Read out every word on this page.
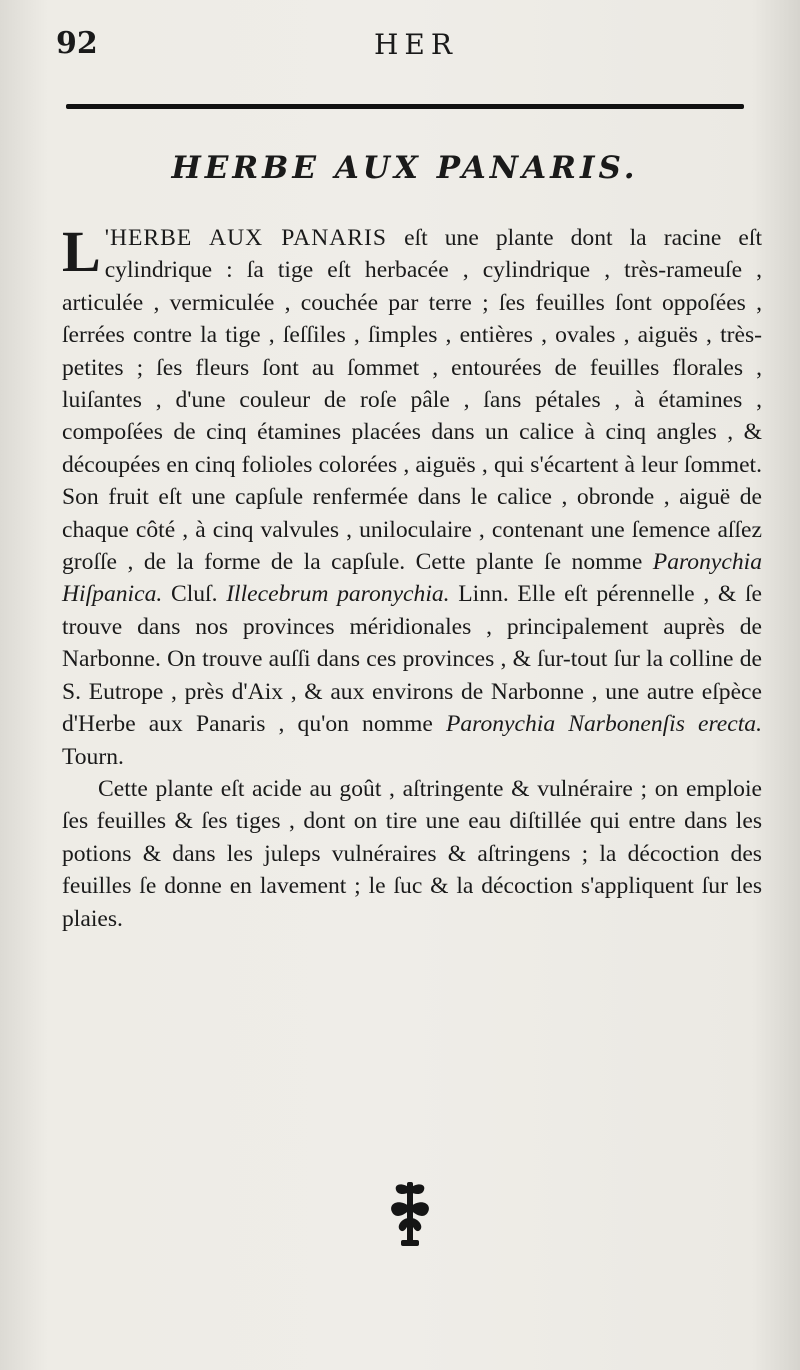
92	HER
HERBE AUX PANARIS.

L 'HERBE AUX PANARIS eſt une plante dont la racine eſt cylindrique : ſa tige eſt herbacée , cylindrique , très-rameuſe , articulée , vermiculée , couchée par terre ; ſes feuilles ſont oppoſées , ſerrées contre la tige , ſeſſiles , ſimples , entières , ovales , aiguës , très-petites ; ſes fleurs ſont au ſommet , entourées de feuilles florales , luiſantes , d'une couleur de roſe pâle , ſans pétales , à étamines , compoſées de cinq étamines placées dans un calice à cinq angles , & découpées en cinq folioles colorées , aiguës , qui s'écartent à leur ſommet. Son fruit eſt une capſule renfermée dans le calice , obronde , aiguë de chaque côté , à cinq valvules , uniloculaire , contenant une ſemence aſſez groſſe , de la forme de la capſule. Cette plante ſe nomme Paronychia Hiſpanica. Cluſ. Illecebrum paronychia. Linn. Elle eſt pérennelle , & ſe trouve dans nos provinces méridionales , principalement auprès de Narbonne. On trouve auſſi dans ces provinces , & ſur-tout ſur la colline de S. Eutrope , près d'Aix , & aux environs de Narbonne , une autre eſpèce d'Herbe aux Panaris , qu'on nomme Paronychia Narbonenſis erecta. Tourn.

Cette plante eſt acide au goût , aſtringente & vulnéraire ; on emploie ſes feuilles & ſes tiges , dont on tire une eau diſtillée qui entre dans les potions & dans les juleps vulnéraires & aſtringens ; la décoction des feuilles ſe donne en lavement ; le ſuc & la décoction s'appliquent ſur les plaies.
